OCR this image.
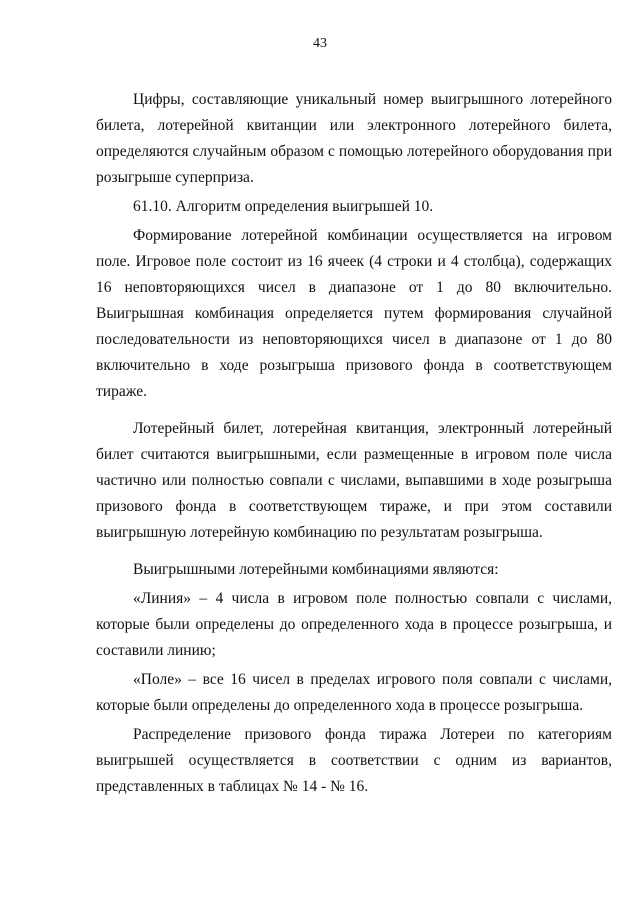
43

Цифры, составляющие уникальный номер выигрышного лотерейного билета, лотерейной квитанции или электронного лотерейного билета, определяются случайным образом с помощью лотерейного оборудования при розыгрыше суперприза.

61.10. Алгоритм определения выигрышей 10.

Формирование лотерейной комбинации осуществляется на игровом поле. Игровое поле состоит из 16 ячеек (4 строки и 4 столбца), содержащих 16 неповторяющихся чисел в диапазоне от 1 до 80 включительно. Выигрышная комбинация определяется путем формирования случайной последовательности из неповторяющихся чисел в диапазоне от 1 до 80 включительно в ходе розыгрыша призового фонда в соответствующем тираже.

Лотерейный билет, лотерейная квитанция, электронный лотерейный билет считаются выигрышными, если размещенные в игровом поле числа частично или полностью совпали с числами, выпавшими в ходе розыгрыша призового фонда в соответствующем тираже, и при этом составили выигрышную лотерейную комбинацию по результатам розыгрыша.

Выигрышными лотерейными комбинациями являются:

«Линия» – 4 числа в игровом поле полностью совпали с числами, которые были определены до определенного хода в процессе розыгрыша, и составили линию;

«Поле» – все 16 чисел в пределах игрового поля совпали с числами, которые были определены до определенного хода в процессе розыгрыша.

Распределение призового фонда тиража Лотереи по категориям выигрышей осуществляется в соответствии с одним из вариантов, представленных в таблицах № 14 - № 16.
